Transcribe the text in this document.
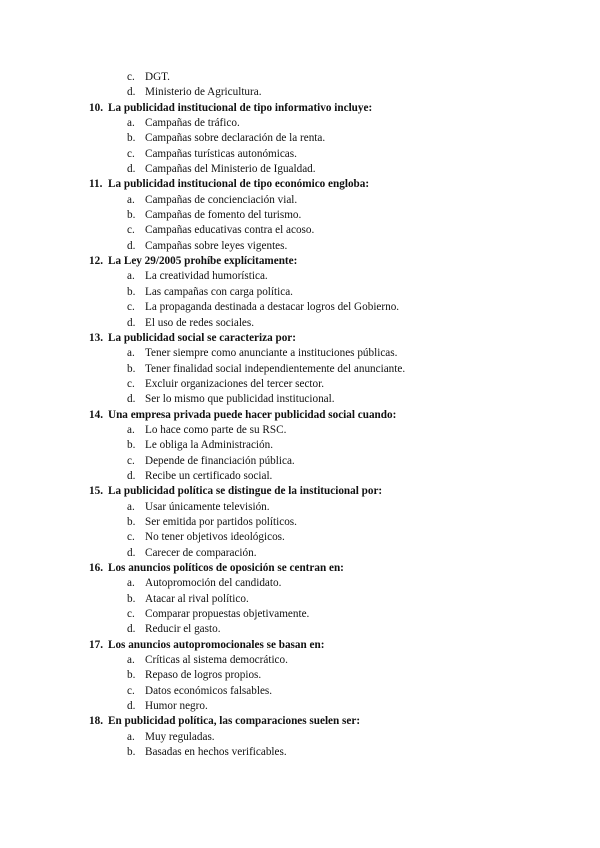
c. DGT.
d. Ministerio de Agricultura.
10. La publicidad institucional de tipo informativo incluye:
a. Campañas de tráfico.
b. Campañas sobre declaración de la renta.
c. Campañas turísticas autonómicas.
d. Campañas del Ministerio de Igualdad.
11. La publicidad institucional de tipo económico engloba:
a. Campañas de concienciación vial.
b. Campañas de fomento del turismo.
c. Campañas educativas contra el acoso.
d. Campañas sobre leyes vigentes.
12. La Ley 29/2005 prohíbe explícitamente:
a. La creatividad humorística.
b. Las campañas con carga política.
c. La propaganda destinada a destacar logros del Gobierno.
d. El uso de redes sociales.
13. La publicidad social se caracteriza por:
a. Tener siempre como anunciante a instituciones públicas.
b. Tener finalidad social independientemente del anunciante.
c. Excluir organizaciones del tercer sector.
d. Ser lo mismo que publicidad institucional.
14. Una empresa privada puede hacer publicidad social cuando:
a. Lo hace como parte de su RSC.
b. Le obliga la Administración.
c. Depende de financiación pública.
d. Recibe un certificado social.
15. La publicidad política se distingue de la institucional por:
a. Usar únicamente televisión.
b. Ser emitida por partidos políticos.
c. No tener objetivos ideológicos.
d. Carecer de comparación.
16. Los anuncios políticos de oposición se centran en:
a. Autopromoción del candidato.
b. Atacar al rival político.
c. Comparar propuestas objetivamente.
d. Reducir el gasto.
17. Los anuncios autopromocionales se basan en:
a. Críticas al sistema democrático.
b. Repaso de logros propios.
c. Datos económicos falsables.
d. Humor negro.
18. En publicidad política, las comparaciones suelen ser:
a. Muy reguladas.
b. Basadas en hechos verificables.
